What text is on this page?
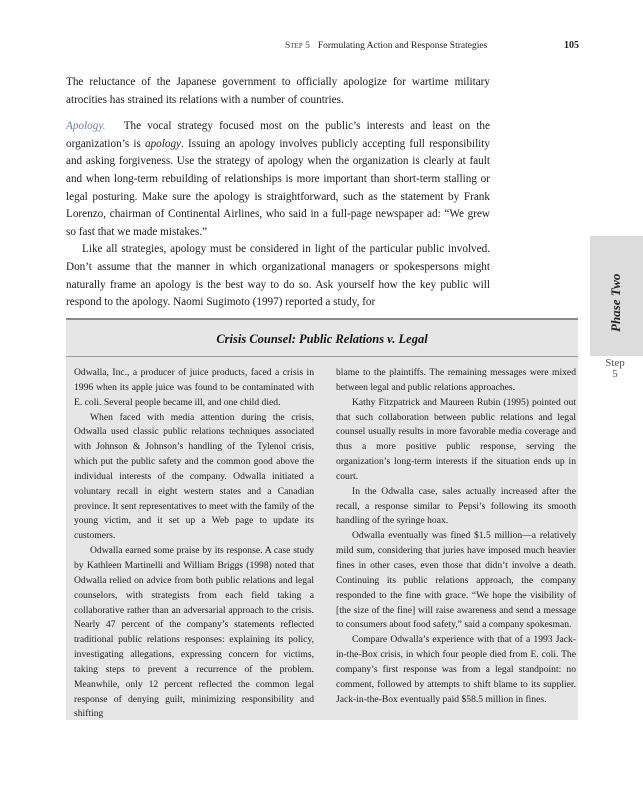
Step 5 Formulating Action and Response Strategies	105

The reluctance of the Japanese government to officially apologize for wartime military atrocities has strained its relations with a number of countries.

Apology. The vocal strategy focused most on the public’s interests and least on the organization’s is apology. Issuing an apology involves publicly accepting full responsibility and asking forgiveness. Use the strategy of apology when the organization is clearly at fault and when long-term rebuilding of relationships is more important than short-term stalling or legal posturing. Make sure the apology is straightforward, such as the statement by Frank Lorenzo, chairman of Continental Airlines, who said in a full-page newspaper ad: “We grew so fast that we made mistakes.”

Like all strategies, apology must be considered in light of the particular public involved. Don’t assume that the manner in which organizational managers or spokespersons might naturally frame an apology is the best way to do so. Ask yourself how the key public will respond to the apology. Naomi Sugimoto (1997) reported a study, for	Phase Two
Step
5
Crisis Counsel: Public Relations v. Legal

Odwalla, Inc., a producer of juice products, faced a crisis in 1996 when its apple juice was found to be contaminated with E. coli. Several people became ill, and one child died.

When faced with media attention during the crisis, Odwalla used classic public relations techniques associated with Johnson & Johnson’s handling of the Tylenol crisis, which put the public safety and the common good above the individual interests of the company. Odwalla initiated a voluntary recall in eight western states and a Canadian province. It sent representatives to meet with the family of the young victim, and it set up a Web page to update its customers.

Odwalla earned some praise by its response. A case study by Kathleen Martinelli and William Briggs (1998) noted that Odwalla relied on advice from both public relations and legal counselors, with strategists from each field taking a collaborative rather than an adversarial approach to the crisis. Nearly 47 percent of the company’s statements reflected traditional public relations responses: explaining its policy, investigating allegations, expressing concern for victims, taking steps to prevent a recurrence of the problem. Meanwhile, only 12 percent reflected the common legal response of denying guilt, minimizing responsibility and shifting

blame to the plaintiffs. The remaining messages were mixed between legal and public relations approaches.

Kathy Fitzpatrick and Maureen Rubin (1995) pointed out that such collaboration between public relations and legal counsel usually results in more favorable media coverage and thus a more positive public response, serving the organization’s long-term interests if the situation ends up in court.

In the Odwalla case, sales actually increased after the recall, a response similar to Pepsi’s following its smooth handling of the syringe hoax.

Odwalla eventually was fined $1.5 million—a relatively mild sum, considering that juries have imposed much heavier fines in other cases, even those that didn’t involve a death. Continuing its public relations approach, the company responded to the fine with grace. “We hope the visibility of [the size of the fine] will raise awareness and send a message to consumers about food safety,” said a company spokesman.

Compare Odwalla’s experience with that of a 1993 Jack-in-the-Box crisis, in which four people died from E. coli. The company’s first response was from a legal standpoint: no comment, followed by attempts to shift blame to its supplier. Jack-in-the-Box eventually paid $58.5 million in fines.
